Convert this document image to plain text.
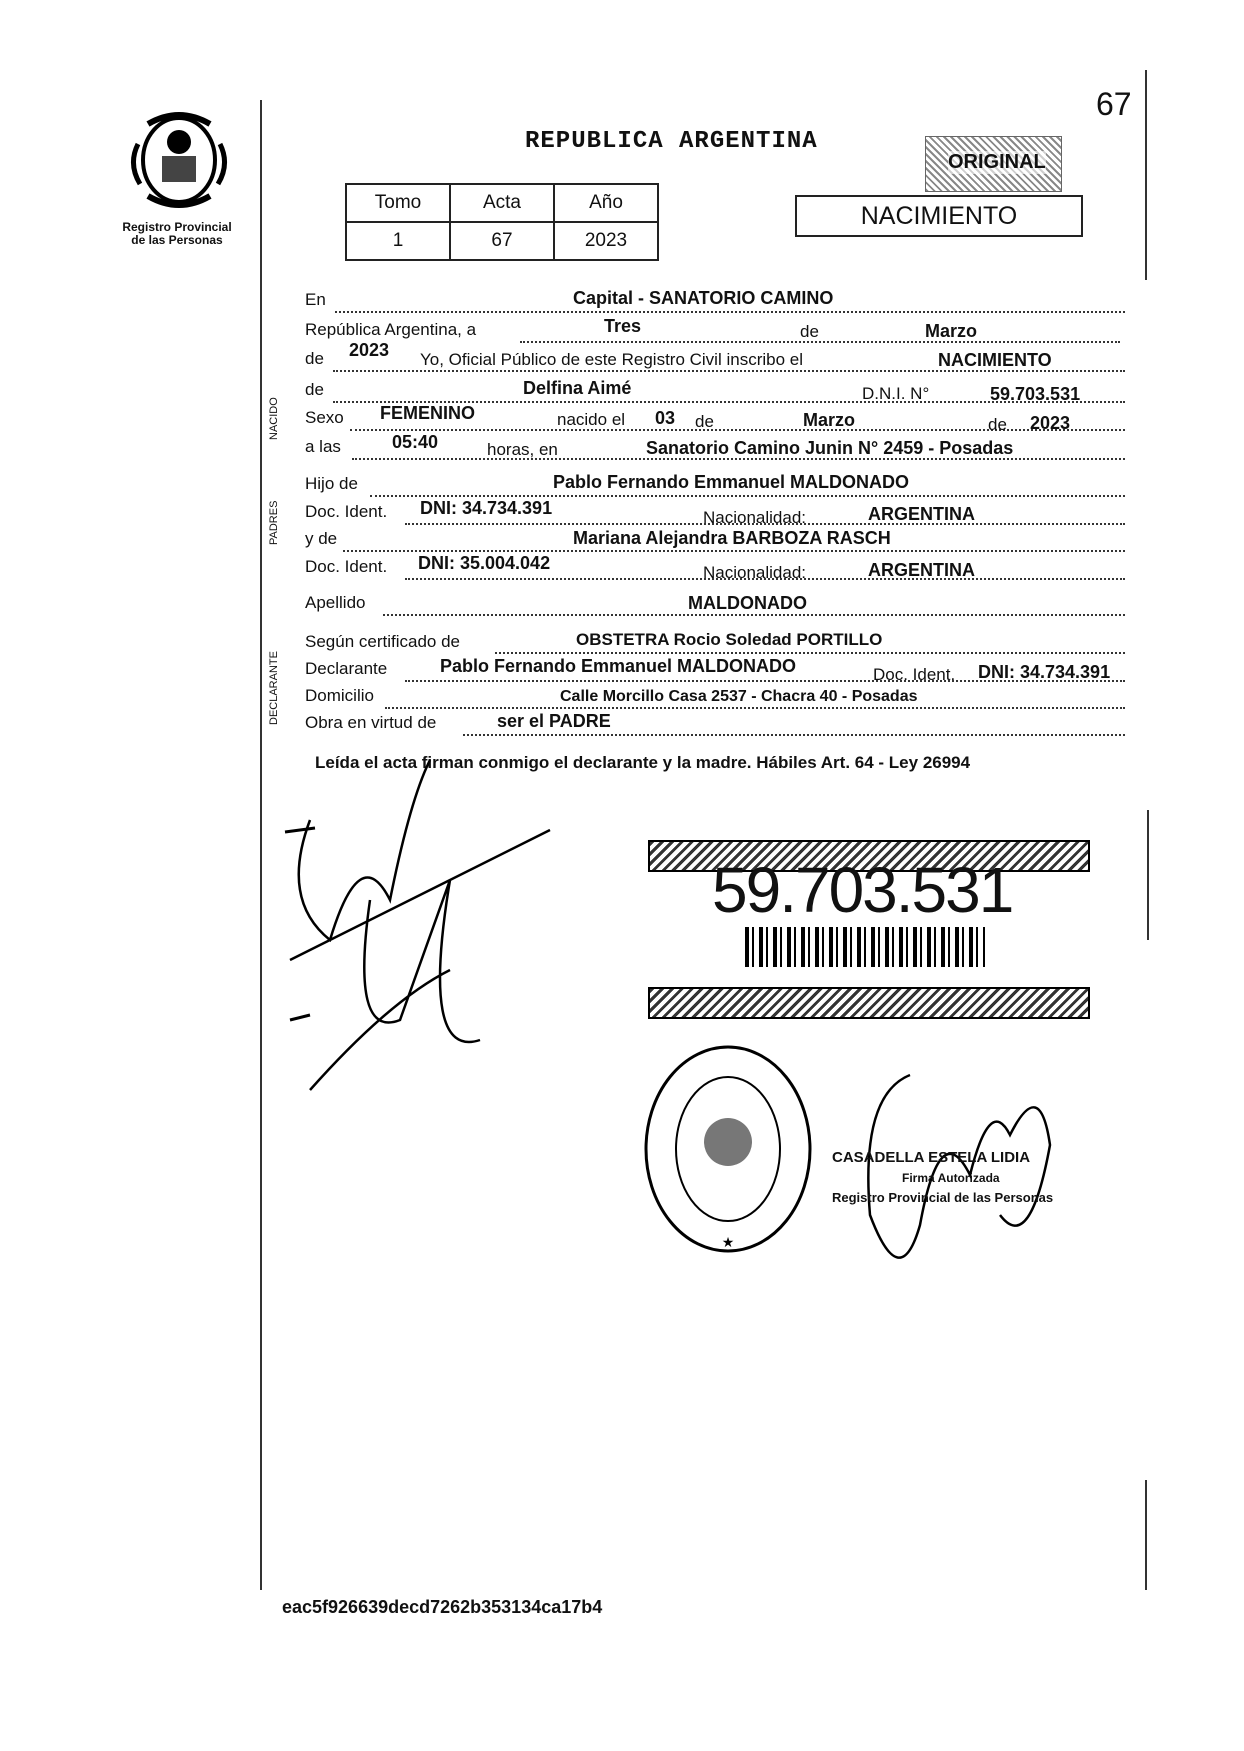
67
Registro Provincial
de las Personas
REPUBLICA ARGENTINA
ORIGINAL
Tomo	Acta	Año
1	67	2023
NACIMIENTO
NACIDO
PADRES
DECLARANTE
En	Capital - SANATORIO CAMINO
República Argentina, a	Tres	de	Marzo
de 2023 Yo, Oficial Público de este Registro Civil inscribo el	NACIMIENTO
de	Delfina Aimé	D.N.I. N°	59.703.531
Sexo FEMENINO	nacido el 03 de	Marzo	de 2023
a las	05:40	horas, en	Sanatorio Camino Junin N° 2459 - Posadas
Hijo de	Pablo Fernando Emmanuel MALDONADO
Doc. Ident. DNI: 34.734.391	Nacionalidad:	ARGENTINA
y de	Mariana Alejandra BARBOZA RASCH
Doc. Ident. DNI: 35.004.042	Nacionalidad:	ARGENTINA
Apellido	MALDONADO
Según certificado de	OBSTETRA Rocio Soledad PORTILLO
Declarante	Pablo Fernando Emmanuel MALDONADO	Doc. Ident. DNI: 34.734.391
Domicilio	Calle Morcillo Casa 2537 - Chacra 40 - Posadas
Obra en virtud de	ser el PADRE
Leída el acta firman conmigo el declarante y la madre. Hábiles Art. 64 - Ley 26994
59.703.531
★
CASADELLA ESTELA LIDIA
Firma Autorizada
Registro Provincial de las Personas
eac5f926639decd7262b353134ca17b4
